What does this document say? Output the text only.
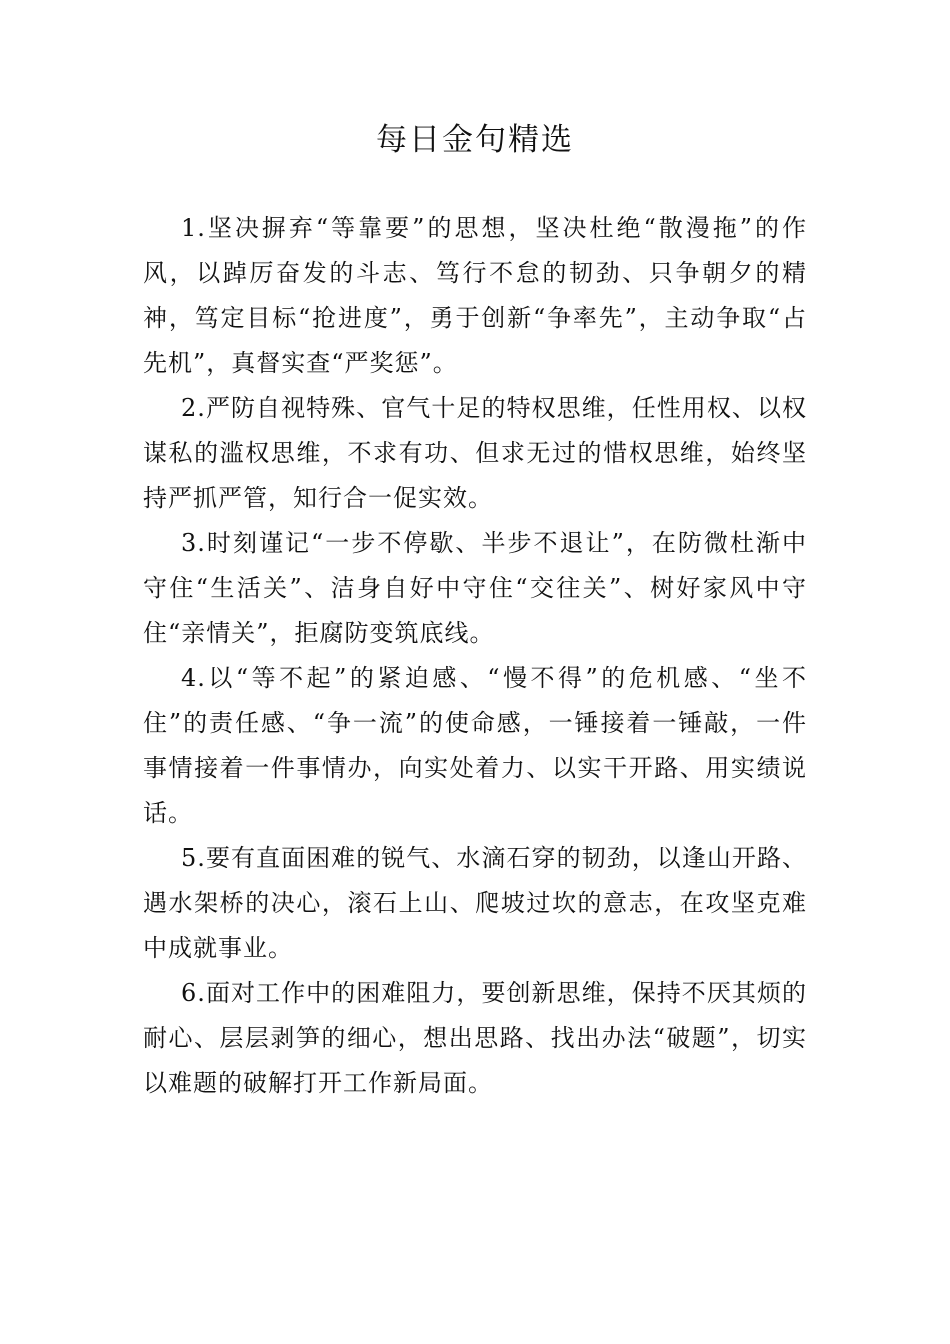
每日金句精选

1.坚决摒弃“等靠要”的思想，坚决杜绝“散漫拖”的作风，以踔厉奋发的斗志、笃行不怠的韧劲、只争朝夕的精神，笃定目标“抢进度”，勇于创新“争率先”，主动争取“占先机”，真督实查“严奖惩”。

2.严防自视特殊、官气十足的特权思维，任性用权、以权谋私的滥权思维，不求有功、但求无过的惜权思维，始终坚持严抓严管，知行合一促实效。

3.时刻谨记“一步不停歇、半步不退让”，在防微杜渐中守住“生活关”、洁身自好中守住“交往关”、树好家风中守住“亲情关”，拒腐防变筑底线。

4.以“等不起”的紧迫感、“慢不得”的危机感、“坐不住”的责任感、“争一流”的使命感，一锤接着一锤敲，一件事情接着一件事情办，向实处着力、以实干开路、用实绩说话。

5.要有直面困难的锐气、水滴石穿的韧劲，以逢山开路、遇水架桥的决心，滚石上山、爬坡过坎的意志，在攻坚克难中成就事业。

6.面对工作中的困难阻力，要创新思维，保持不厌其烦的耐心、层层剥笋的细心，想出思路、找出办法“破题”，切实以难题的破解打开工作新局面。
